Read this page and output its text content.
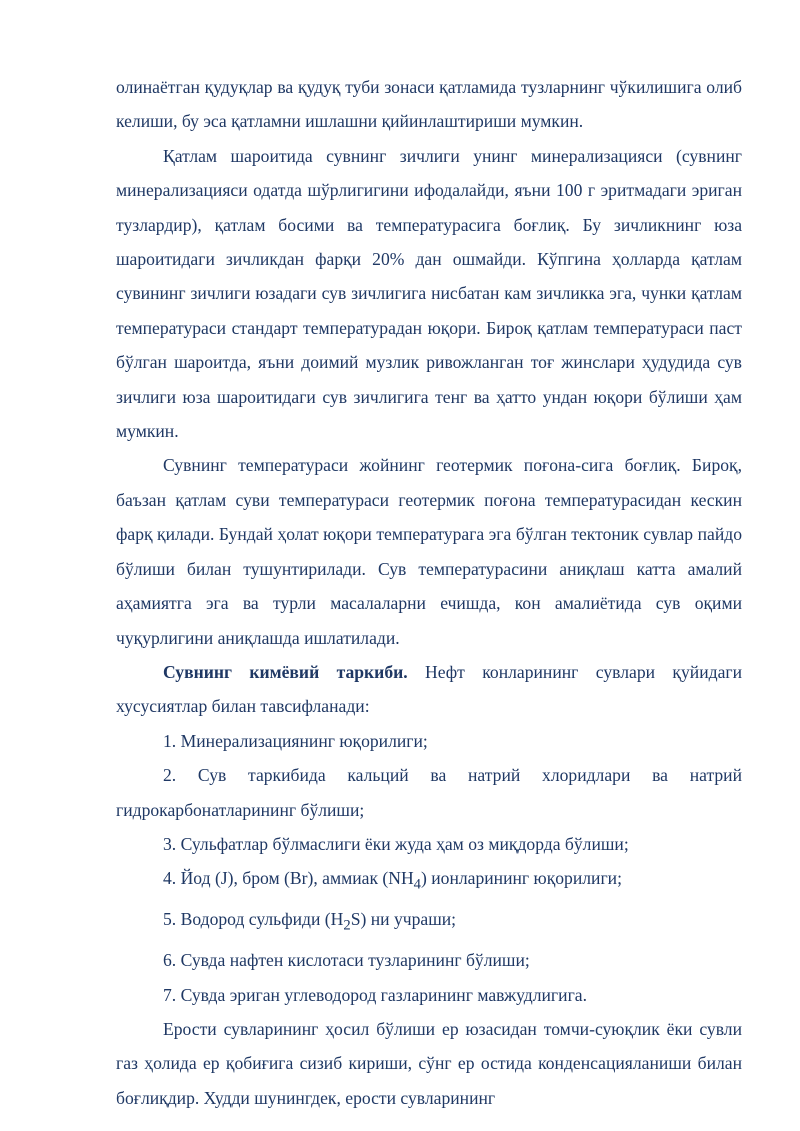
олинаётган қудуқлар ва қудуқ туби зонаси қатламида тузларнинг чўкилишига олиб келиши, бу эса қатламни ишлашни қийинлаштириши мумкин.

Қатлам шароитида сувнинг зичлиги унинг минерализацияси (сувнинг минерализацияси одатда шўрлигигини ифодалайди, яъни 100 г эритмадаги эриган тузлардир), қатлам босими ва температурасига боғлиқ. Бу зичликнинг юза шароитидаги зичликдан фарқи 20% дан ошмайди. Кўпгина ҳолларда қатлам сувининг зичлиги юзадаги сув зичлигига нисбатан кам зичликка эга, чунки қатлам температураси стандарт температурадан юқори. Бироқ қатлам температураси паст бўлган шароитда, яъни доимий музлик ривожланган тоғ жинслари ҳудудида сув зичлиги юза шароитидаги сув зичлигига тенг ва ҳатто ундан юқори бўлиши ҳам мумкин.

Сувнинг температураси жойнинг геотермик поғона-сига боғлиқ. Бироқ, баъзан қатлам суви температураси геотермик поғона температурасидан кескин фарқ қилади. Бундай ҳолат юқори температурага эга бўлган тектоник сувлар пайдо бўлиши билан тушунтирилади. Сув температурасини аниқлаш катта амалий аҳамиятга эга ва турли масалаларни ечишда, кон амалиётида сув оқими чуқурлигини аниқлашда ишлатилади.

Сувнинг кимёвий таркиби. Нефт конларининг сувлари қуйидаги хусусиятлар билан тавсифланади:

1. Минерализациянинг юқорилиги;

2. Сув таркибида кальций ва натрий хлоридлари ва натрий гидрокарбонатларининг бўлиши;

3. Сульфатлар бўлмаслиги ёки жуда ҳам оз миқдорда бўлиши;

4. Йод (J), бром (Br), аммиак $(NH_4)$ ионларининг юқорилиги;

5. Водород сульфиди $(H_2S)$ ни учраши;

6. Сувда нафтен кислотаси тузларининг бўлиши;

7. Сувда эриган углеводород газларининг мавжудлигига.

Ерости сувларининг ҳосил бўлиши ер юзасидан томчи-суюқлик ёки сувли газ ҳолида ер қобиғига сизиб кириши, сўнг ер остида конденсацияланиши билан боғлиқдир. Худди шунингдек, ерости сувларининг
